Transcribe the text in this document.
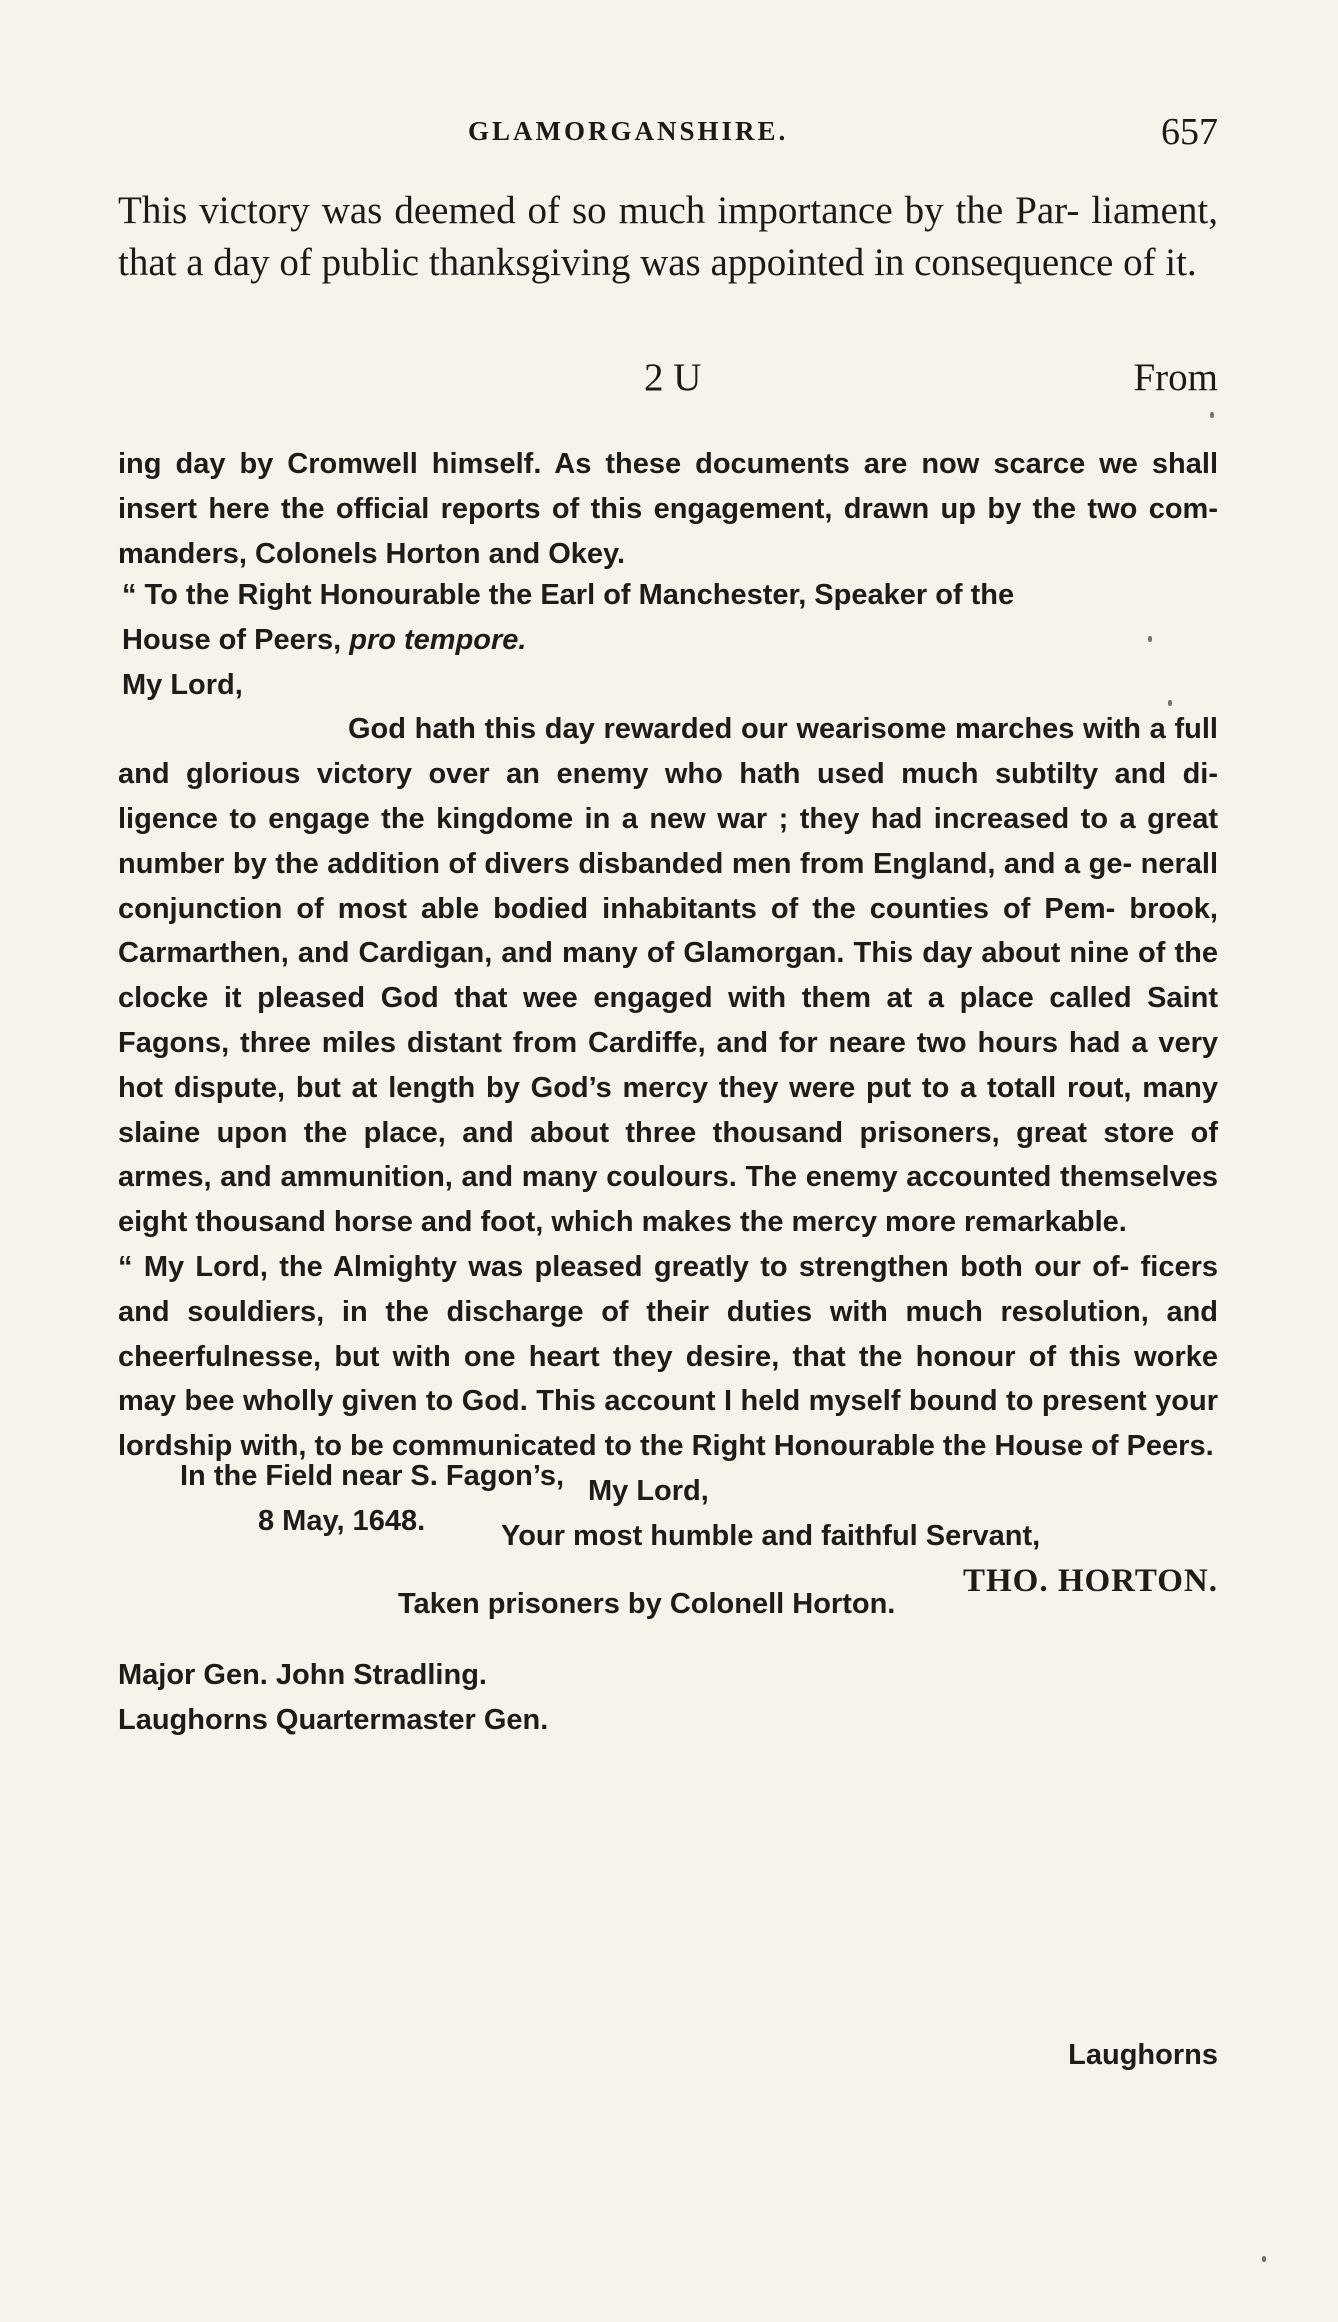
GLAMORGANSHIRE.	657
This victory was deemed of so much importance by the Par- liament, that a day of public thanksgiving was appointed in consequence of it.
2 U	From
ing day by Cromwell himself. As these documents are now scarce we shall insert here the official reports of this engagement, drawn up by the two com- manders, Colonels Horton and Okey.

“ To the Right Honourable the Earl of Manchester, Speaker of the

House of Peers, pro tempore.

My Lord,

God hath this day rewarded our wearisome marches with a full and glorious victory over an enemy who hath used much subtilty and di- ligence to engage the kingdome in a new war ; they had increased to a great number by the addition of divers disbanded men from England, and a ge- nerall conjunction of most able bodied inhabitants of the counties of Pem- brook, Carmarthen, and Cardigan, and many of Glamorgan. This day about nine of the clocke it pleased God that wee engaged with them at a place called Saint Fagons, three miles distant from Cardiffe, and for neare two hours had a very hot dispute, but at length by God’s mercy they were put to a totall rout, many slaine upon the place, and about three thousand prisoners, great store of armes, and ammunition, and many coulours. The enemy accounted themselves eight thousand horse and foot, which makes the mercy more remarkable.

“ My Lord, the Almighty was pleased greatly to strengthen both our of- ficers and souldiers, in the discharge of their duties with much resolution, and cheerfulnesse, but with one heart they desire, that the honour of this worke may bee wholly given to God. This account I held myself bound to present your lordship with, to be communicated to the Right Honourable the House of Peers.

My Lord,

Your most humble and faithful Servant,

THO. HORTON.

In the Field near S. Fagon’s,

8 May, 1648.

Taken prisoners by Colonell Horton.

Major Gen. John Stradling.

Laughorns Quartermaster Gen.

Laughorns
